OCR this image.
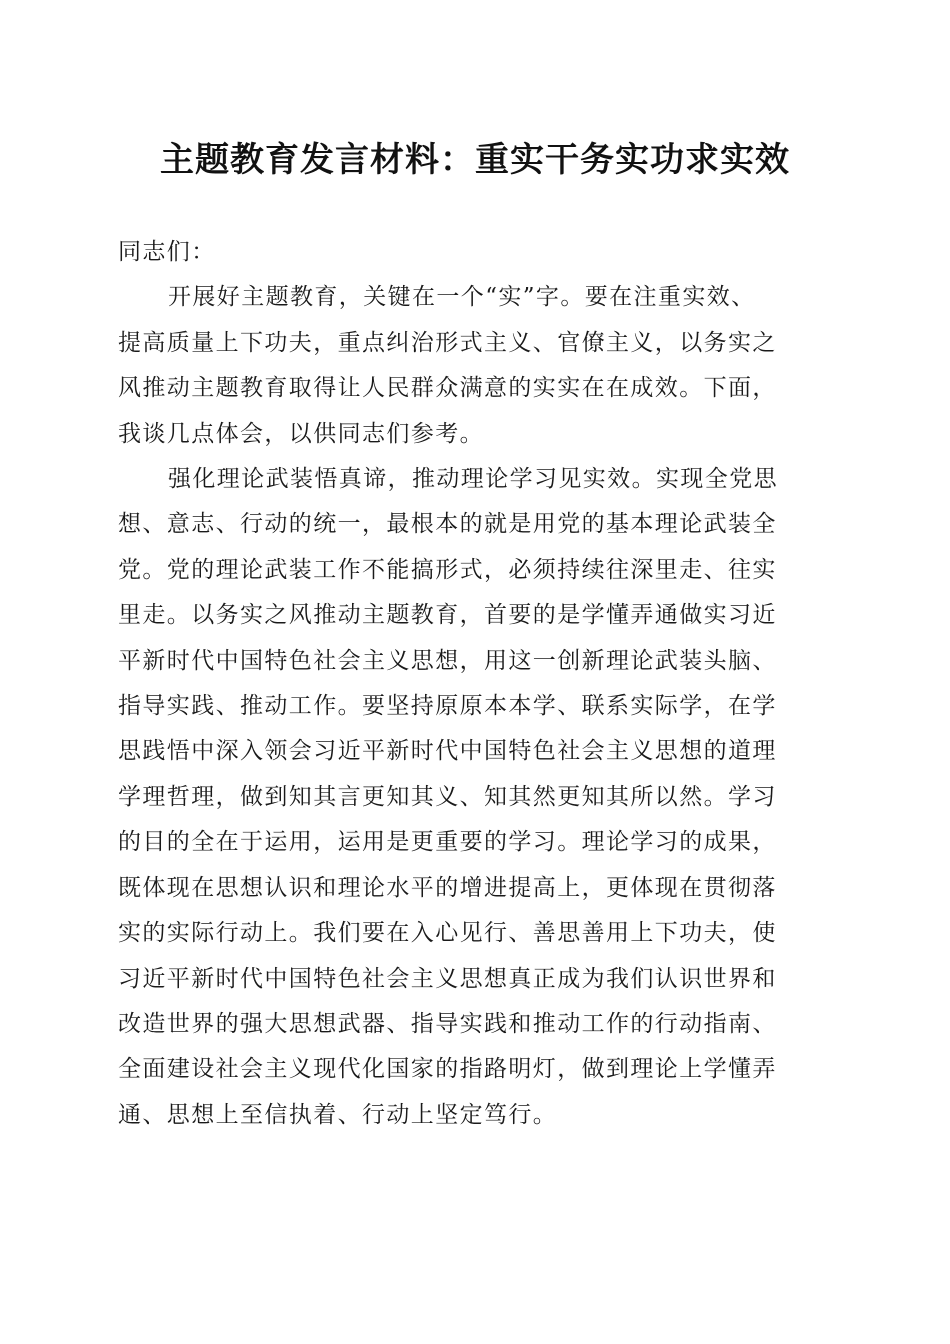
主题教育发言材料：重实干务实功求实效

同志们：

开展好主题教育，关键在一个“实”字。要在注重实效、
提高质量上下功夫，重点纠治形式主义、官僚主义，以务实之
风推动主题教育取得让人民群众满意的实实在在成效。下面，
我谈几点体会，以供同志们参考。
强化理论武装悟真谛，推动理论学习见实效。实现全党思
想、意志、行动的统一，最根本的就是用党的基本理论武装全
党。党的理论武装工作不能搞形式，必须持续往深里走、往实
里走。以务实之风推动主题教育，首要的是学懂弄通做实习近
平新时代中国特色社会主义思想，用这一创新理论武装头脑、
指导实践、推动工作。要坚持原原本本学、联系实际学，在学
思践悟中深入领会习近平新时代中国特色社会主义思想的道理
学理哲理，做到知其言更知其义、知其然更知其所以然。学习
的目的全在于运用，运用是更重要的学习。理论学习的成果，
既体现在思想认识和理论水平的增进提高上，更体现在贯彻落
实的实际行动上。我们要在入心见行、善思善用上下功夫，使
习近平新时代中国特色社会主义思想真正成为我们认识世界和
改造世界的强大思想武器、指导实践和推动工作的行动指南、
全面建设社会主义现代化国家的指路明灯，做到理论上学懂弄
通、思想上至信执着、行动上坚定笃行。
